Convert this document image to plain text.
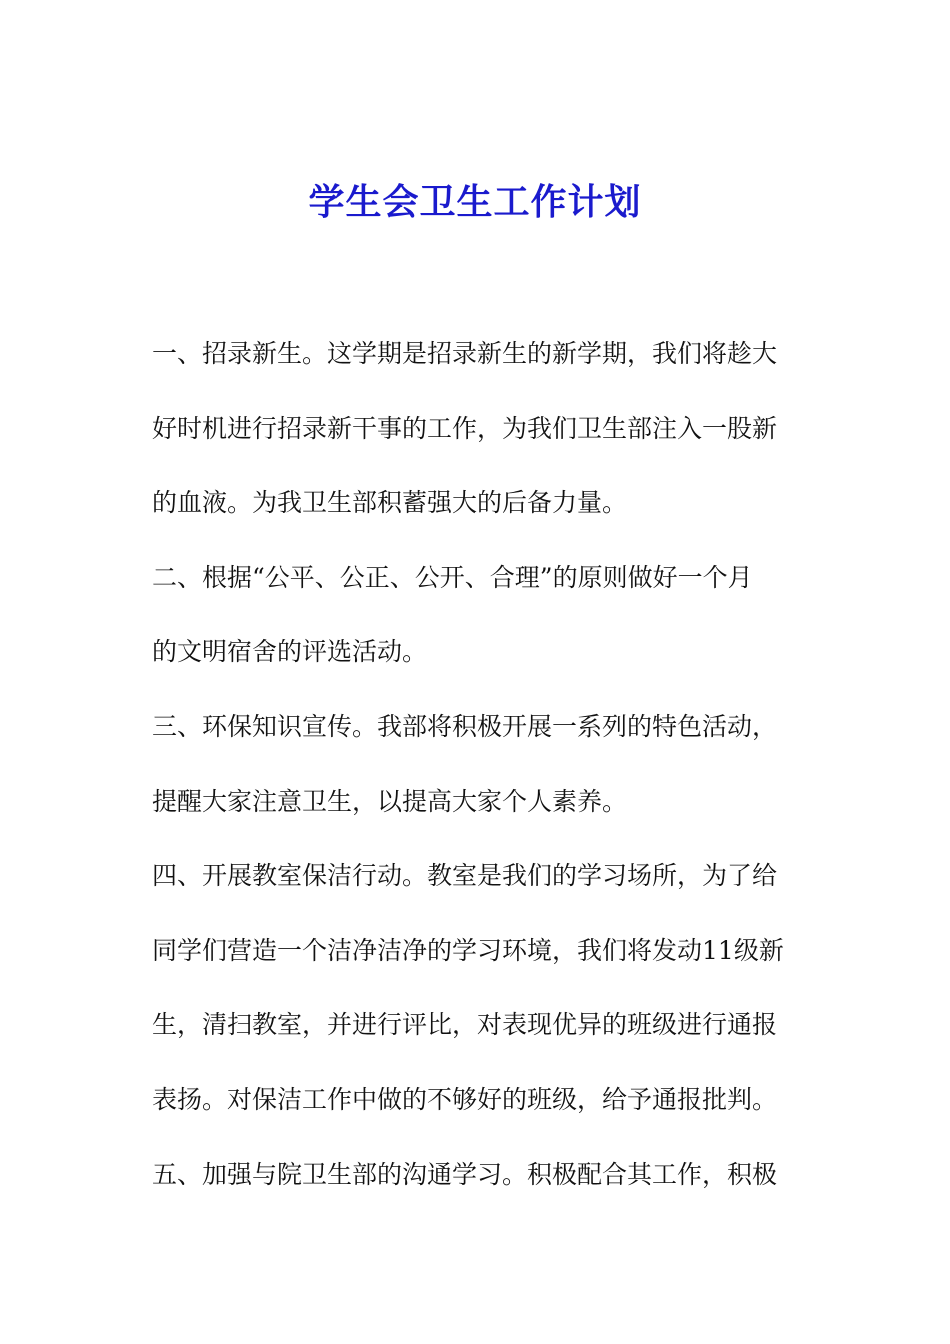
学生会卫生工作计划
一、招录新生。这学期是招录新生的新学期，我们将趁大
好时机进行招录新干事的工作，为我们卫生部注入一股新
的血液。为我卫生部积蓄强大的后备力量。
二、根据“公平、公正、公开、合理”的原则做好一个月
的文明宿舍的评选活动。
三、环保知识宣传。我部将积极开展一系列的特色活动，
提醒大家注意卫生，以提高大家个人素养。
四、开展教室保洁行动。教室是我们的学习场所，为了给
同学们营造一个洁净洁净的学习环境，我们将发动11级新
生，清扫教室，并进行评比，对表现优异的班级进行通报
表扬。对保洁工作中做的不够好的班级，给予通报批判。
五、加强与院卫生部的沟通学习。积极配合其工作，积极
